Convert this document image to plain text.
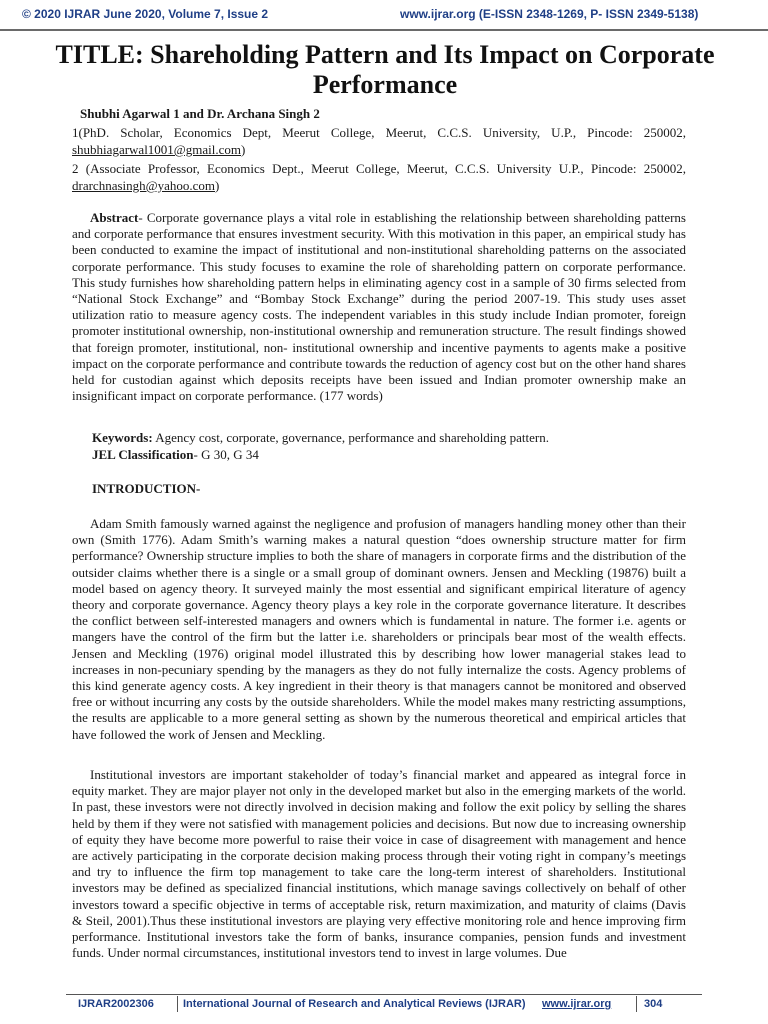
© 2020 IJRAR June 2020, Volume 7, Issue 2	www.ijrar.org (E-ISSN 2348-1269, P- ISSN 2349-5138)
TITLE: Shareholding Pattern and Its Impact on Corporate Performance
Shubhi Agarwal 1 and Dr. Archana Singh 2
1(PhD. Scholar, Economics Dept, Meerut College, Meerut, C.C.S. University, U.P., Pincode: 250002, shubhiagarwal1001@gmail.com)
2 (Associate Professor, Economics Dept., Meerut College, Meerut, C.C.S. University U.P., Pincode: 250002, drarchnasingh@yahoo.com)

Abstract- Corporate governance plays a vital role in establishing the relationship between shareholding patterns and corporate performance that ensures investment security. With this motivation in this paper, an empirical study has been conducted to examine the impact of institutional and non-institutional shareholding patterns on the associated corporate performance. This study focuses to examine the role of shareholding pattern on corporate performance. This study furnishes how shareholding pattern helps in eliminating agency cost in a sample of 30 firms selected from “National Stock Exchange” and “Bombay Stock Exchange” during the period 2007-19. This study uses asset utilization ratio to measure agency costs. The independent variables in this study include Indian promoter, foreign promoter institutional ownership, non-institutional ownership and remuneration structure. The result findings showed that foreign promoter, institutional, non- institutional ownership and incentive payments to agents make a positive impact on the corporate performance and contribute towards the reduction of agency cost but on the other hand shares held for custodian against which deposits receipts have been issued and Indian promoter ownership make an insignificant impact on corporate performance. (177 words)

Keywords: Agency cost, corporate, governance, performance and shareholding pattern.
JEL Classification- G 30, G 34
INTRODUCTION-

Adam Smith famously warned against the negligence and profusion of managers handling money other than their own (Smith 1776). Adam Smith’s warning makes a natural question “does ownership structure matter for firm performance? Ownership structure implies to both the share of managers in corporate firms and the distribution of the outsider claims whether there is a single or a small group of dominant owners. Jensen and Meckling (19876) built a model based on agency theory. It surveyed mainly the most essential and significant empirical literature of agency theory and corporate governance. Agency theory plays a key role in the corporate governance literature. It describes the conflict between self-interested managers and owners which is fundamental in nature. The former i.e. agents or mangers have the control of the firm but the latter i.e. shareholders or principals bear most of the wealth effects. Jensen and Meckling (1976) original model illustrated this by describing how lower managerial stakes lead to increases in non-pecuniary spending by the managers as they do not fully internalize the costs. Agency problems of this kind generate agency costs. A key ingredient in their theory is that managers cannot be monitored and observed free or without incurring any costs by the outside shareholders. While the model makes many restricting assumptions, the results are applicable to a more general setting as shown by the numerous theoretical and empirical articles that have followed the work of Jensen and Meckling.

Institutional investors are important stakeholder of today’s financial market and appeared as integral force in equity market. They are major player not only in the developed market but also in the emerging markets of the world. In past, these investors were not directly involved in decision making and follow the exit policy by selling the shares held by them if they were not satisfied with management policies and decisions. But now due to increasing ownership of equity they have become more powerful to raise their voice in case of disagreement with management and hence are actively participating in the corporate decision making process through their voting right in company’s meetings and try to influence the firm top management to take care the long-term interest of shareholders. Institutional investors may be defined as specialized financial institutions, which manage savings collectively on behalf of other investors toward a specific objective in terms of acceptable risk, return maximization, and maturity of claims (Davis & Steil, 2001).Thus these institutional investors are playing very effective monitoring role and hence improving firm performance. Institutional investors take the form of banks, insurance companies, pension funds and investment funds. Under normal circumstances, institutional investors tend to invest in large volumes. Due

IJRAR2002306	International Journal of Research and Analytical Reviews (IJRAR) www.ijrar.org	304
